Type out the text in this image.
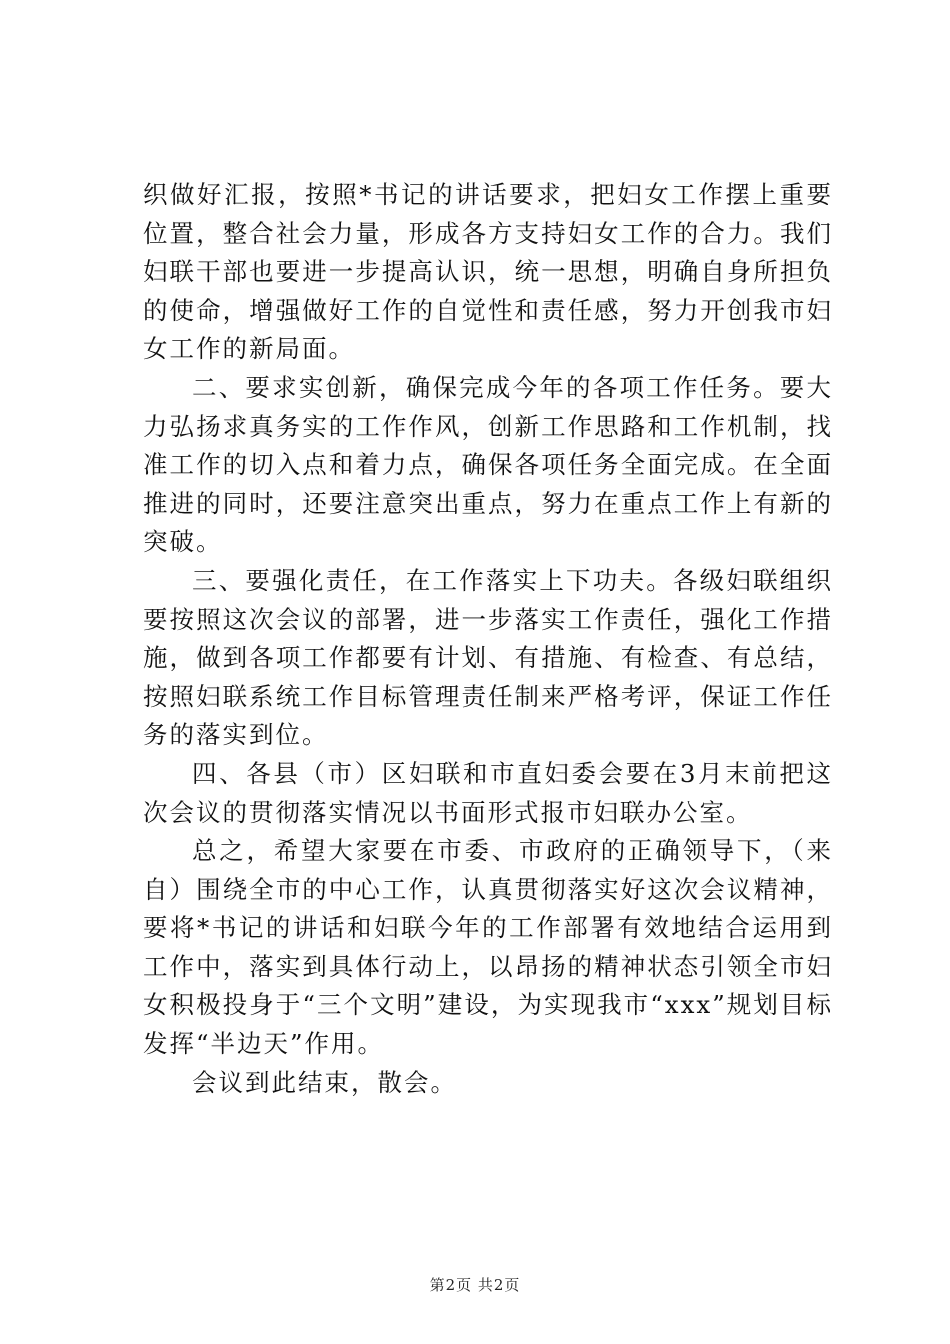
织做好汇报，按照*书记的讲话要求，把妇女工作摆上重要位置，整合社会力量，形成各方支持妇女工作的合力。我们妇联干部也要进一步提高认识，统一思想，明确自身所担负的使命，增强做好工作的自觉性和责任感，努力开创我市妇女工作的新局面。

二、要求实创新，确保完成今年的各项工作任务。要大力弘扬求真务实的工作作风，创新工作思路和工作机制，找准工作的切入点和着力点，确保各项任务全面完成。在全面推进的同时，还要注意突出重点，努力在重点工作上有新的突破。

三、要强化责任，在工作落实上下功夫。各级妇联组织要按照这次会议的部署，进一步落实工作责任，强化工作措施，做到各项工作都要有计划、有措施、有检查、有总结，按照妇联系统工作目标管理责任制来严格考评，保证工作任务的落实到位。

四、各县（市）区妇联和市直妇委会要在3月末前把这次会议的贯彻落实情况以书面形式报市妇联办公室。

总之，希望大家要在市委、市政府的正确领导下，（来自）围绕全市的中心工作，认真贯彻落实好这次会议精神，要将*书记的讲话和妇联今年的工作部署有效地结合运用到工作中，落实到具体行动上，以昂扬的精神状态引领全市妇女积极投身于“三个文明”建设，为实现我市“xxx”规划目标发挥“半边天”作用。

会议到此结束，散会。

第2页 共2页
